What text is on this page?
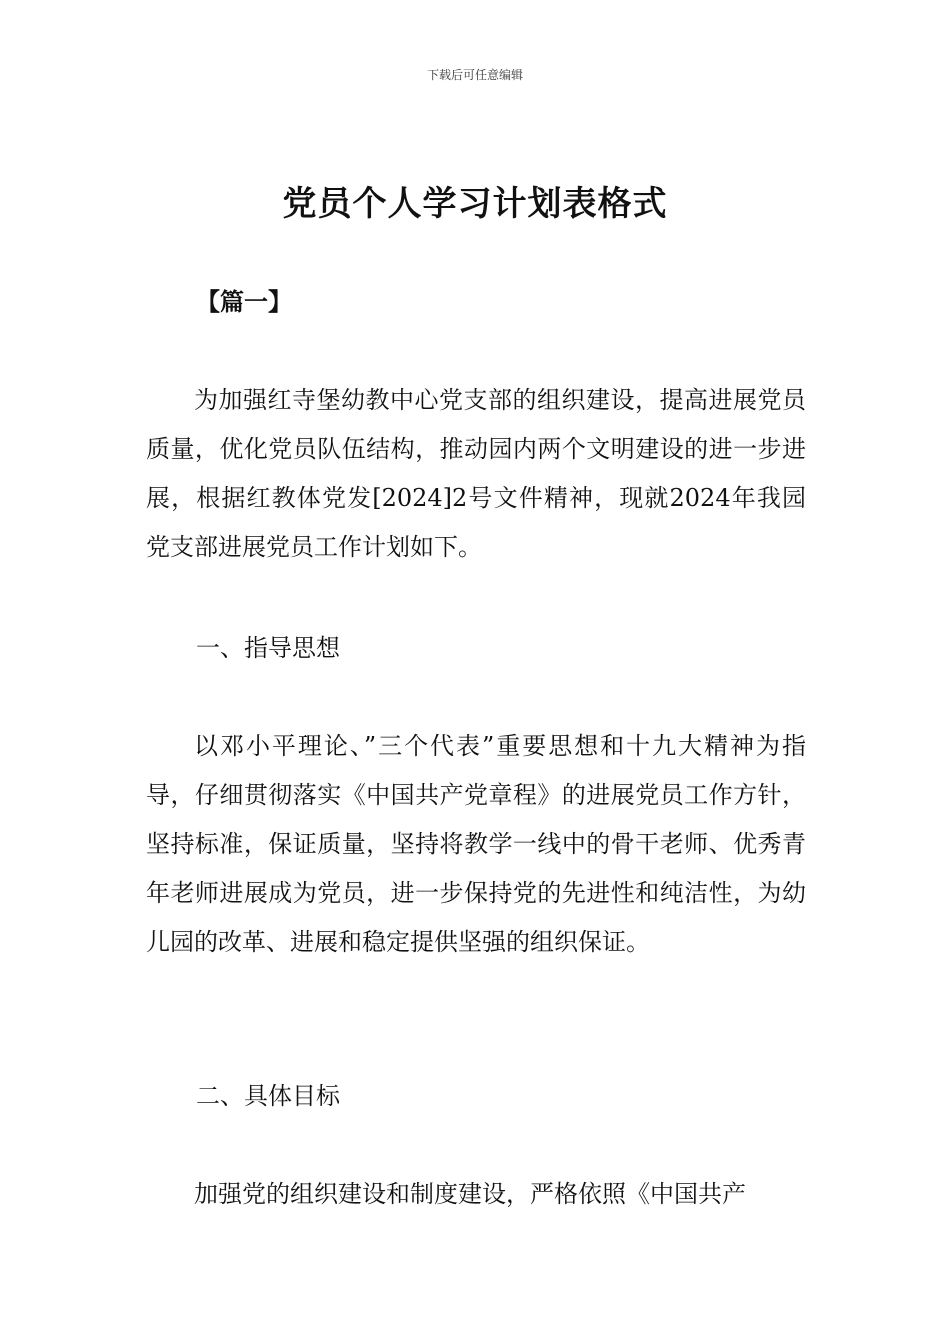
下载后可任意编辑
党员个人学习计划表格式
【篇一】

为加强红寺堡幼教中心党支部的组织建设，提高进展党员质量，优化党员队伍结构，推动园内两个文明建设的进一步进展，根据红教体党发[2024]2号文件精神，现就2024年我园党支部进展党员工作计划如下。

一、指导思想

以邓小平理论、”三个代表”重要思想和十九大精神为指导，仔细贯彻落实《中国共产党章程》的进展党员工作方针，坚持标准，保证质量，坚持将教学一线中的骨干老师、优秀青年老师进展成为党员，进一步保持党的先进性和纯洁性，为幼儿园的改革、进展和稳定提供坚强的组织保证。

二、具体目标

加强党的组织建设和制度建设，严格依照《中国共产
